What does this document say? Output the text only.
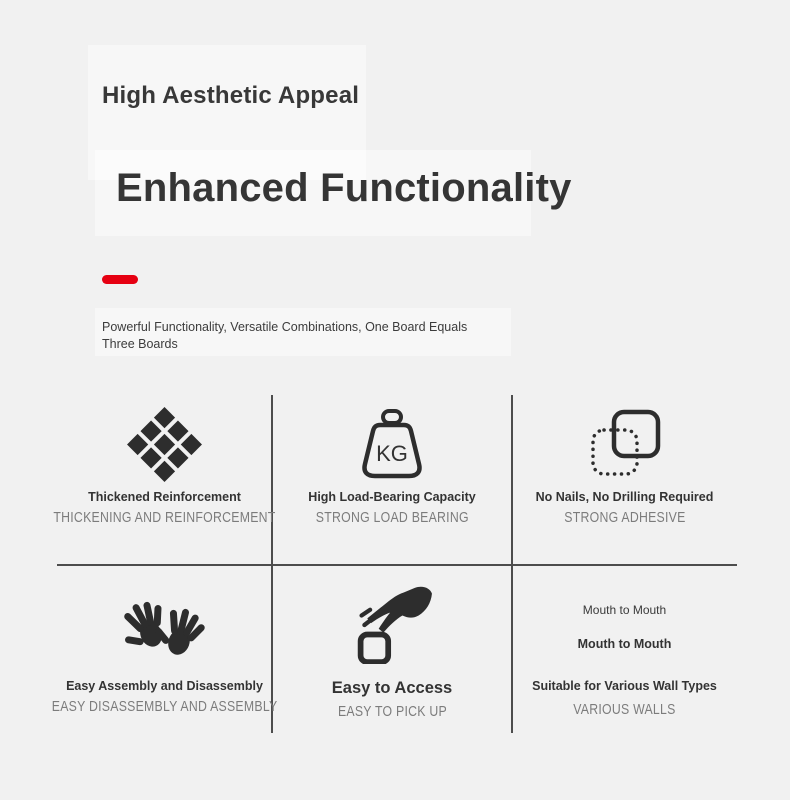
High Aesthetic Appeal
Enhanced Functionality
Powerful Functionality, Versatile Combinations, One Board Equals
Three Boards
Thickened Reinforcement
THICKENING AND REINFORCEMENT
KG
High Load-Bearing Capacity
STRONG LOAD BEARING
No Nails, No Drilling Required
STRONG ADHESIVE
Easy Assembly and Disassembly
EASY DISASSEMBLY AND ASSEMBLY
Easy to Access
EASY TO PICK UP
Mouth to Mouth
Mouth to Mouth
Suitable for Various Wall Types
VARIOUS WALLS
